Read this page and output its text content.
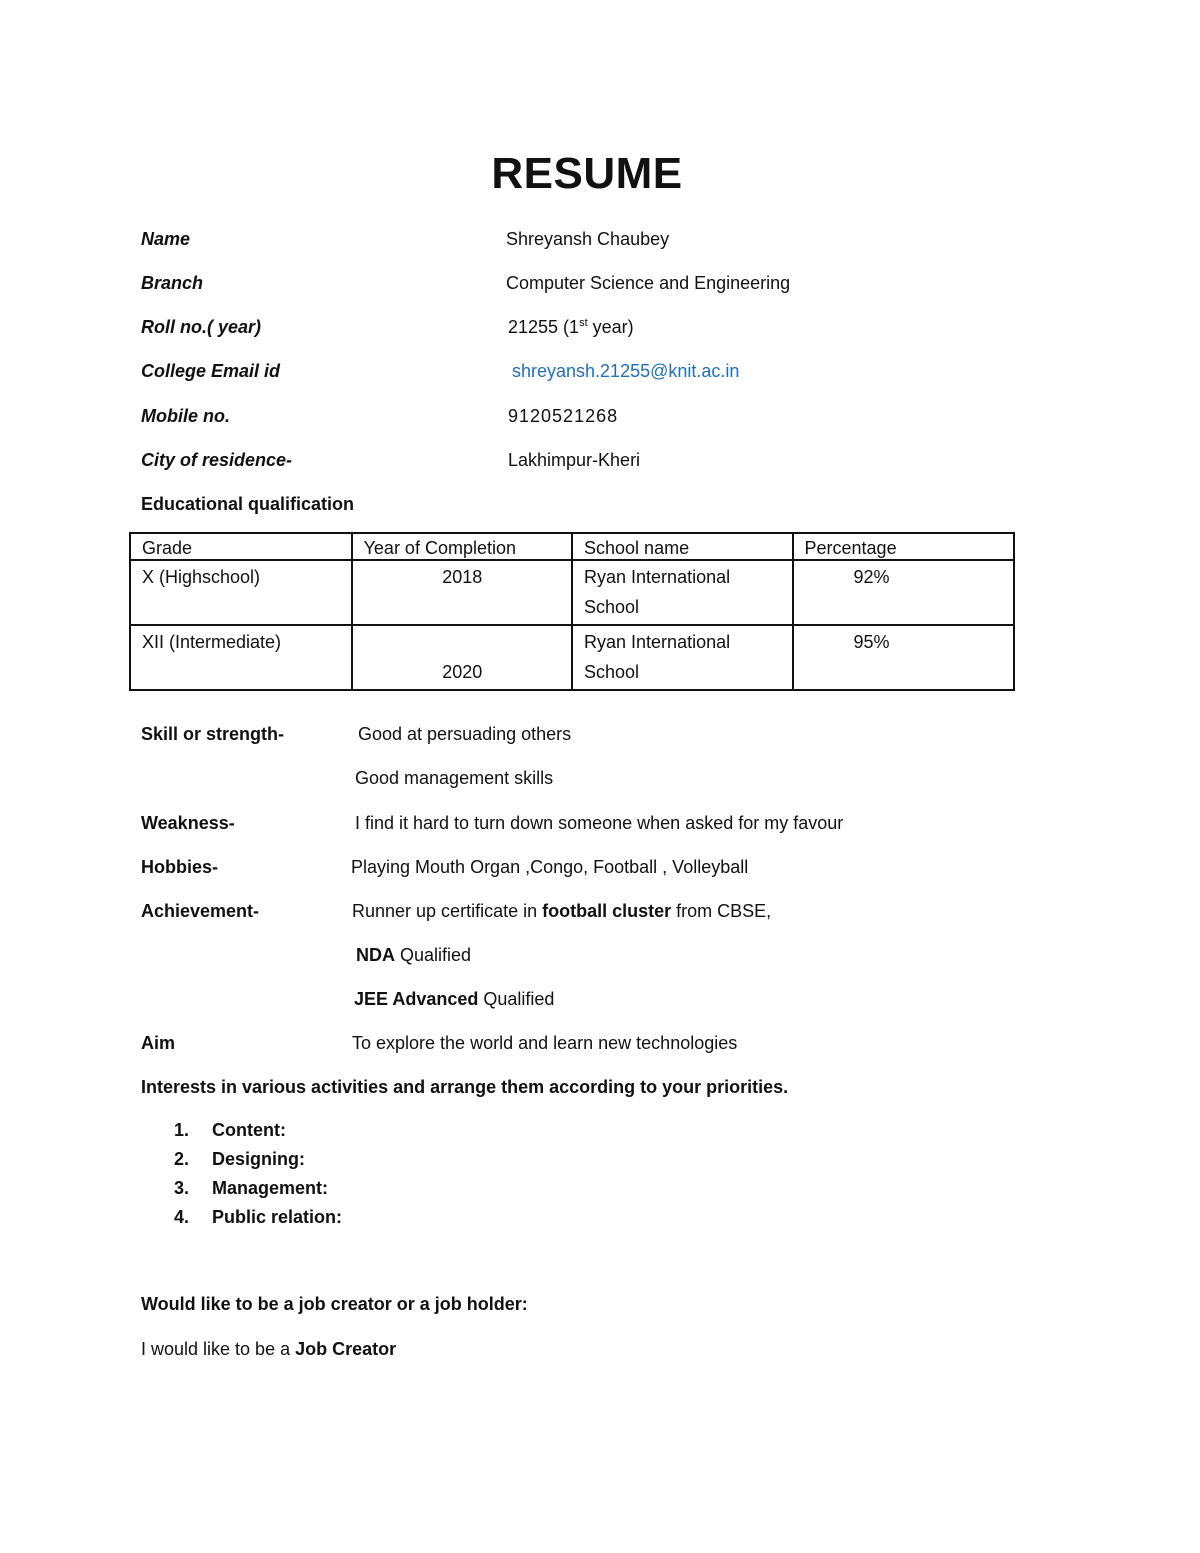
RESUME
Name	Shreyansh Chaubey
Branch	Computer Science and Engineering
Roll no.( year)	21255 (1st year)
College Email id	shreyansh.21255@knit.ac.in
Mobile no.	9120521268
City of residence-	Lakhimpur-Kheri
Educational qualification
Grade	Year of Completion	School name	Percentage
X (Highschool)	2018	Ryan International School	92%
XII (Intermediate)	2020	Ryan International School	95%
Skill or strength-	Good at persuading others
Good management skills
Weakness-	I find it hard to turn down someone when asked for my favour
Hobbies-	Playing Mouth Organ ,Congo, Football , Volleyball
Achievement-	Runner up certificate in football cluster from CBSE,
NDA Qualified
JEE Advanced Qualified
Aim	To explore the world and learn new technologies
Interests in various activities and arrange them according to your priorities.
1. Content:
2. Designing:
3. Management:
4. Public relation:
Would like to be a job creator or a job holder:
I would like to be a Job Creator
